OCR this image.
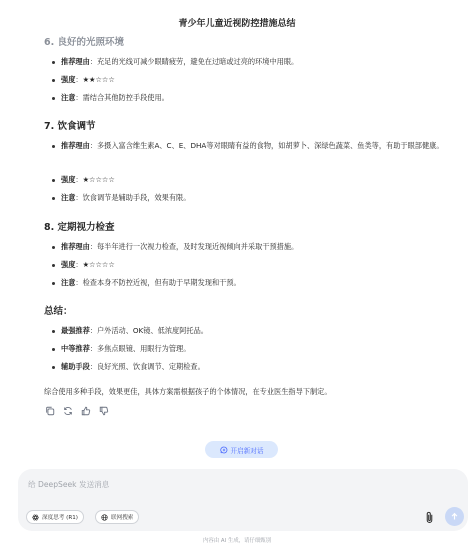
青少年儿童近视防控措施总结
6. 良好的光照环境
推荐理由：充足的光线可减少眼睛疲劳，避免在过暗或过亮的环境中用眼。
强度：★★☆☆☆
注意：需结合其他防控手段使用。
7. 饮食调节
推荐理由：多摄入富含维生素A、C、E、DHA等对眼睛有益的食物，如胡萝卜、深绿色蔬菜、鱼类等，有助于眼部健康。
强度：★☆☆☆☆
注意：饮食调节是辅助手段，效果有限。
8. 定期视力检查
推荐理由：每半年进行一次视力检查，及时发现近视倾向并采取干预措施。
强度：★☆☆☆☆
注意：检查本身不防控近视，但有助于早期发现和干预。
总结：
最强推荐：户外活动、OK镜、低浓度阿托品。
中等推荐：多焦点眼镜、用眼行为管理。
辅助手段：良好光照、饮食调节、定期检查。
综合使用多种手段，效果更佳，具体方案需根据孩子的个体情况，在专业医生指导下制定。
开启新对话
给 DeepSeek 发送消息
深度思考 (R1)	联网搜索
内容由 AI 生成，请仔细甄别
